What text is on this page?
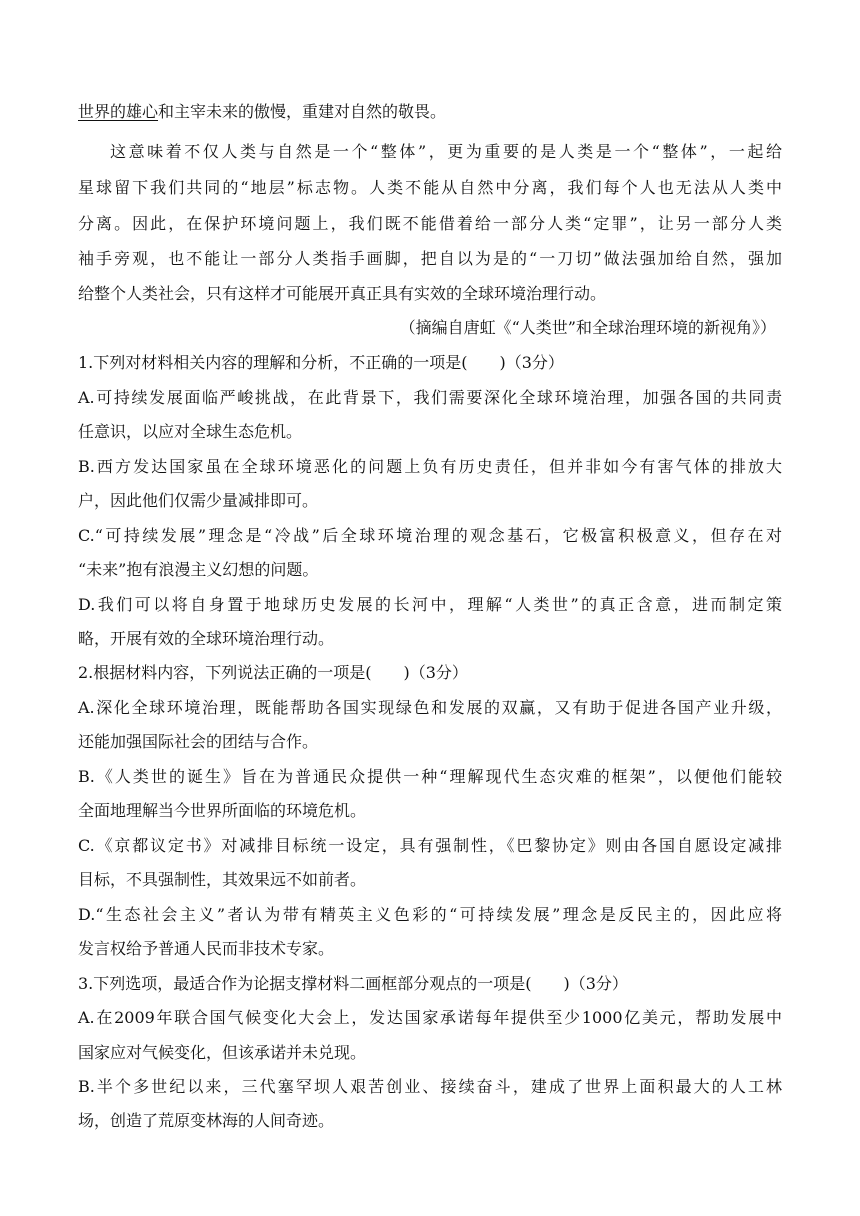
世界的雄心和主宰未来的傲慢，重建对自然的敬畏。
这意味着不仅人类与自然是一个“整体”，更为重要的是人类是一个“整体”，一起给
星球留下我们共同的“地层”标志物。人类不能从自然中分离，我们每个人也无法从人类中
分离。因此，在保护环境问题上，我们既不能借着给一部分人类“定罪”，让另一部分人类
袖手旁观，也不能让一部分人类指手画脚，把自以为是的“一刀切”做法强加给自然，强加
给整个人类社会，只有这样才可能展开真正具有实效的全球环境治理行动。
（摘编自唐虹《“人类世”和全球治理环境的新视角》）
1.下列对材料相关内容的理解和分析，不正确的一项是(　　)（3分）
A.可持续发展面临严峻挑战，在此背景下，我们需要深化全球环境治理，加强各国的共同责
任意识，以应对全球生态危机。
B.西方发达国家虽在全球环境恶化的问题上负有历史责任，但并非如今有害气体的排放大
户，因此他们仅需少量减排即可。
C.“可持续发展”理念是“冷战”后全球环境治理的观念基石，它极富积极意义，但存在对
“未来”抱有浪漫主义幻想的问题。
D.我们可以将自身置于地球历史发展的长河中，理解“人类世”的真正含意，进而制定策
略，开展有效的全球环境治理行动。
2.根据材料内容，下列说法正确的一项是(　　)（3分）
A.深化全球环境治理，既能帮助各国实现绿色和发展的双赢，又有助于促进各国产业升级，
还能加强国际社会的团结与合作。
B.《人类世的诞生》旨在为普通民众提供一种“理解现代生态灾难的框架”，以便他们能较
全面地理解当今世界所面临的环境危机。
C.《京都议定书》对减排目标统一设定，具有强制性，《巴黎协定》则由各国自愿设定减排
目标，不具强制性，其效果远不如前者。
D.“生态社会主义”者认为带有精英主义色彩的“可持续发展”理念是反民主的，因此应将
发言权给予普通人民而非技术专家。
3.下列选项，最适合作为论据支撑材料二画框部分观点的一项是(　　)（3分）
A.在2009年联合国气候变化大会上，发达国家承诺每年提供至少1000亿美元，帮助发展中
国家应对气候变化，但该承诺并未兑现。
B.半个多世纪以来，三代塞罕坝人艰苦创业、接续奋斗，建成了世界上面积最大的人工林
场，创造了荒原变林海的人间奇迹。
